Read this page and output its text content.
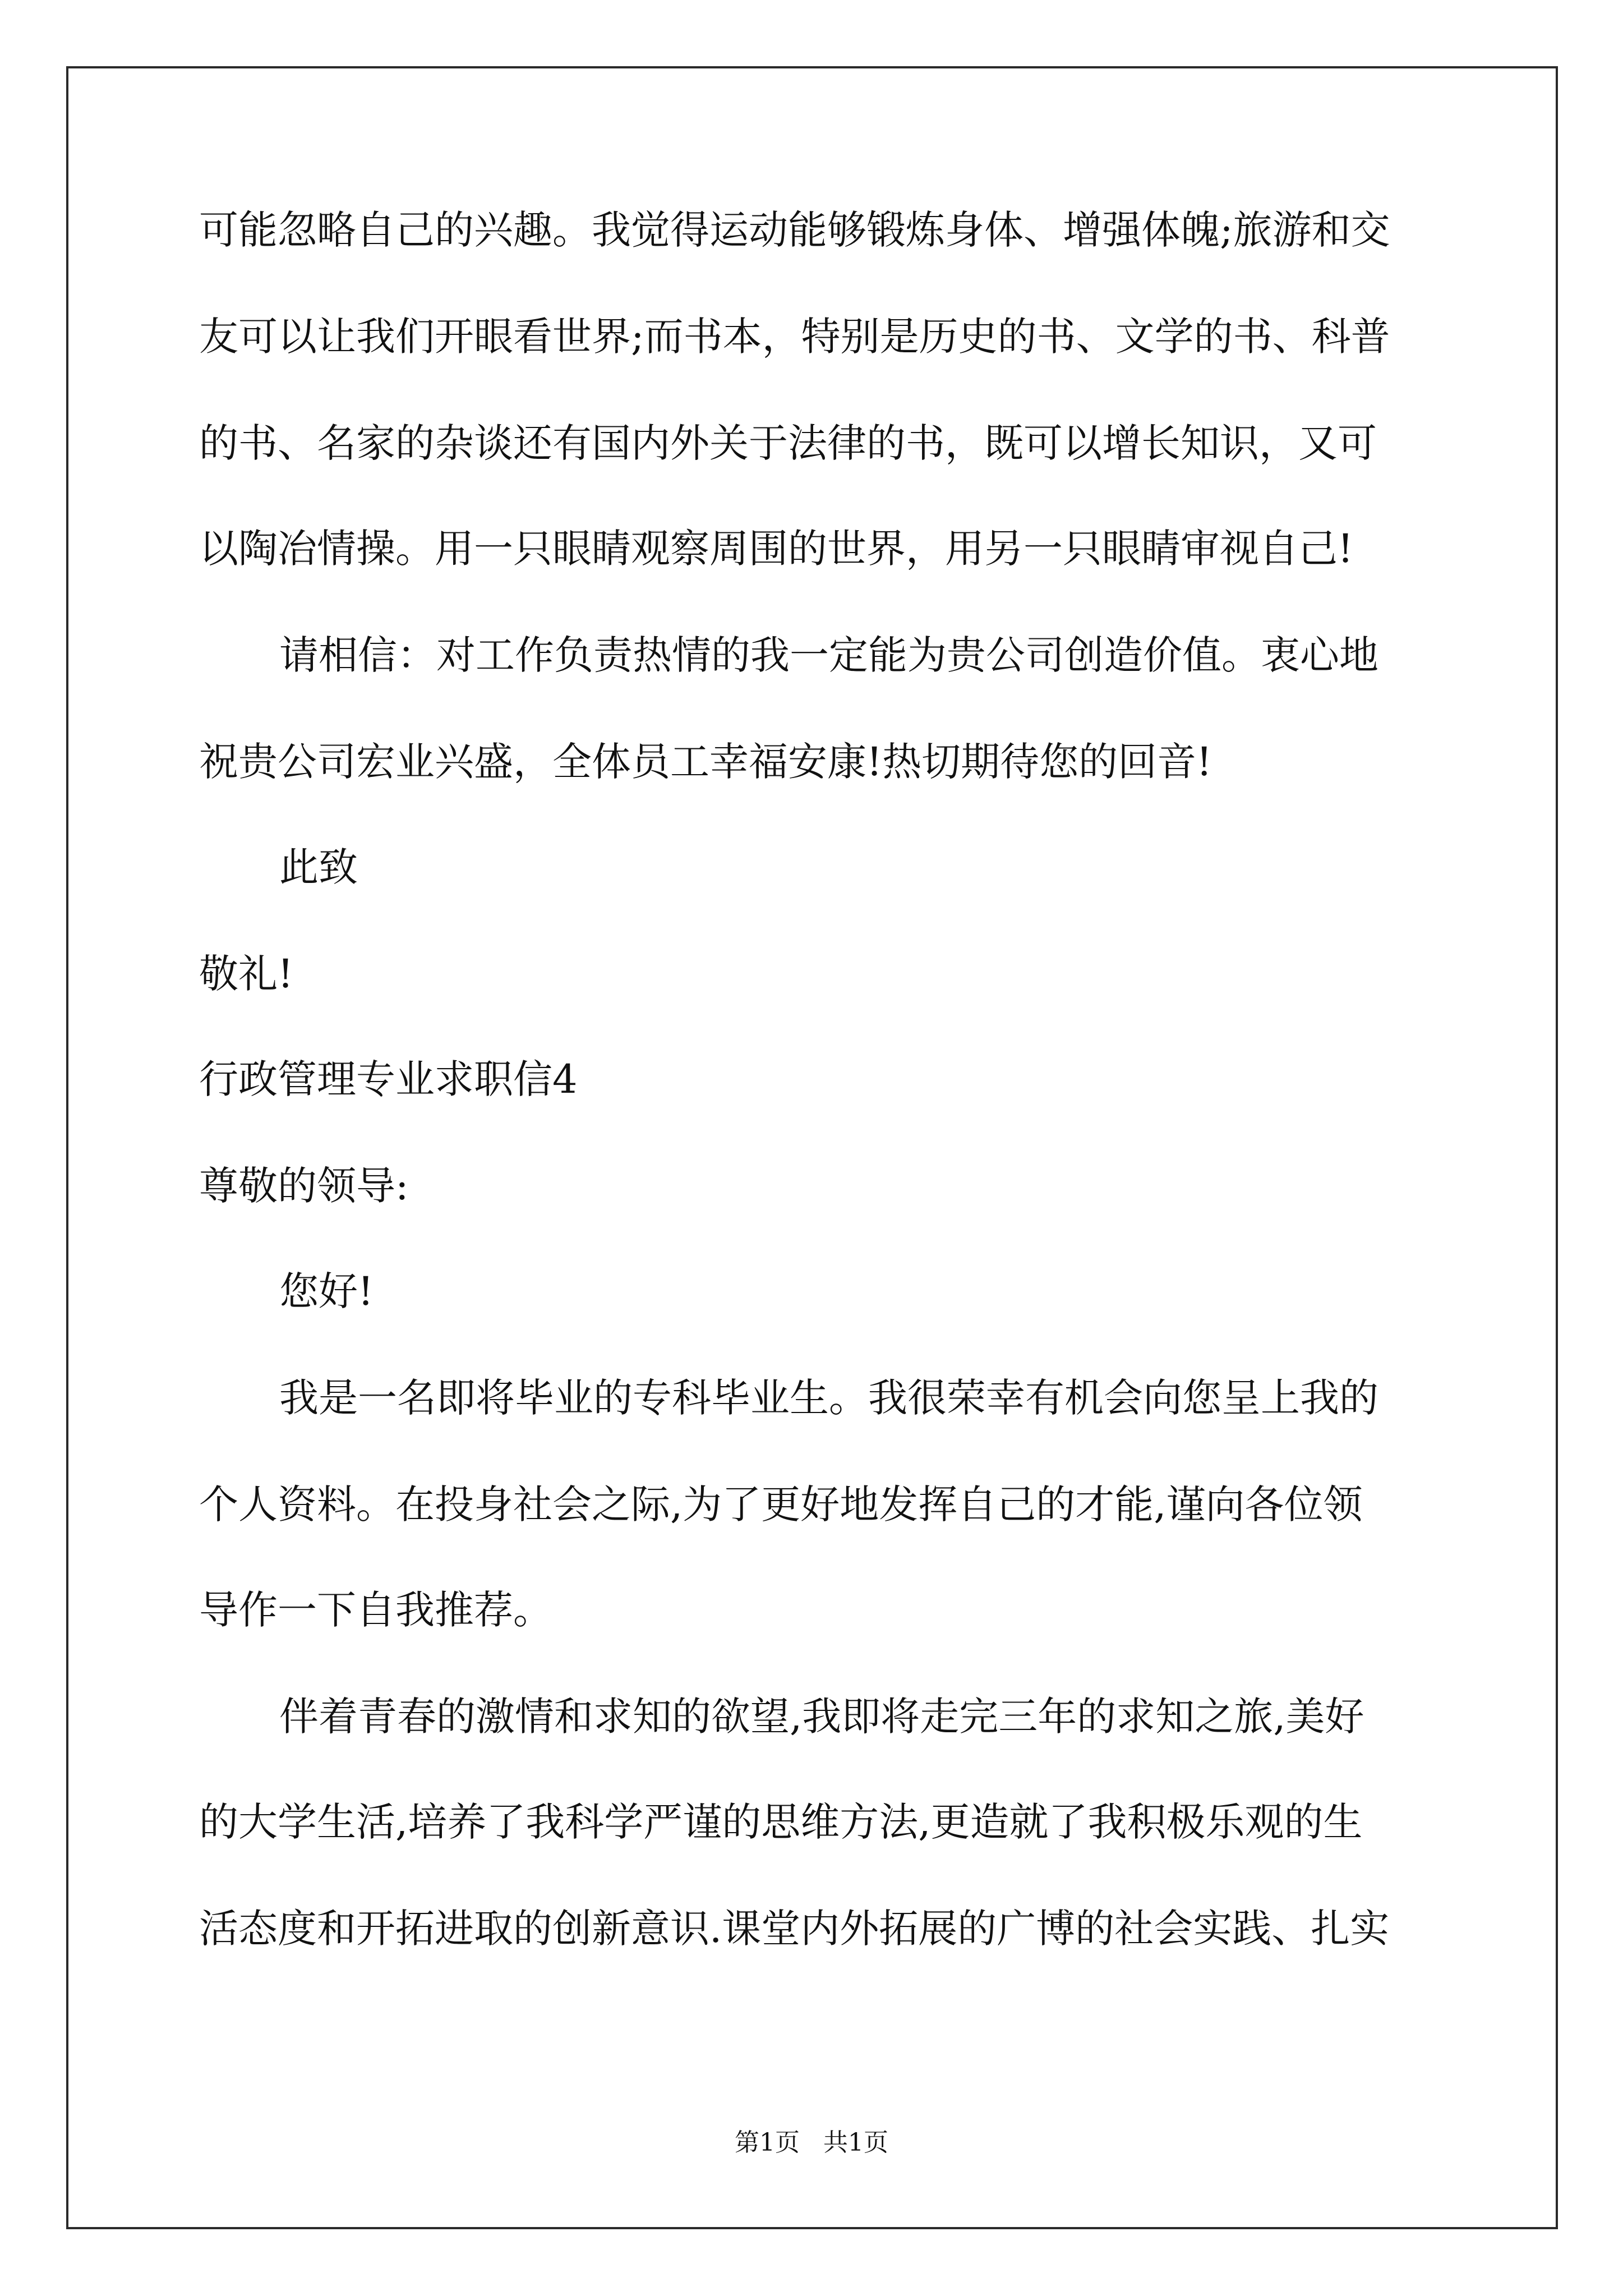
可能忽略自己的兴趣。我觉得运动能够锻炼身体、增强体魄;旅游和交

友可以让我们开眼看世界;而书本，特别是历史的书、文学的书、科普

的书、名家的杂谈还有国内外关于法律的书，既可以增长知识，又可

以陶冶情操。用一只眼睛观察周围的世界，用另一只眼睛审视自己!

请相信：对工作负责热情的我一定能为贵公司创造价值。衷心地

祝贵公司宏业兴盛，全体员工幸福安康!热切期待您的回音!

此致

敬礼!

行政管理专业求职信4

尊敬的领导:

您好!

我是一名即将毕业的专科毕业生。我很荣幸有机会向您呈上我的

个人资料。在投身社会之际,为了更好地发挥自己的才能,谨向各位领

导作一下自我推荐。

伴着青春的激情和求知的欲望,我即将走完三年的求知之旅,美好

的大学生活,培养了我科学严谨的思维方法,更造就了我积极乐观的生

活态度和开拓进取的创新意识.课堂内外拓展的广博的社会实践、扎实

第1页   共1页
